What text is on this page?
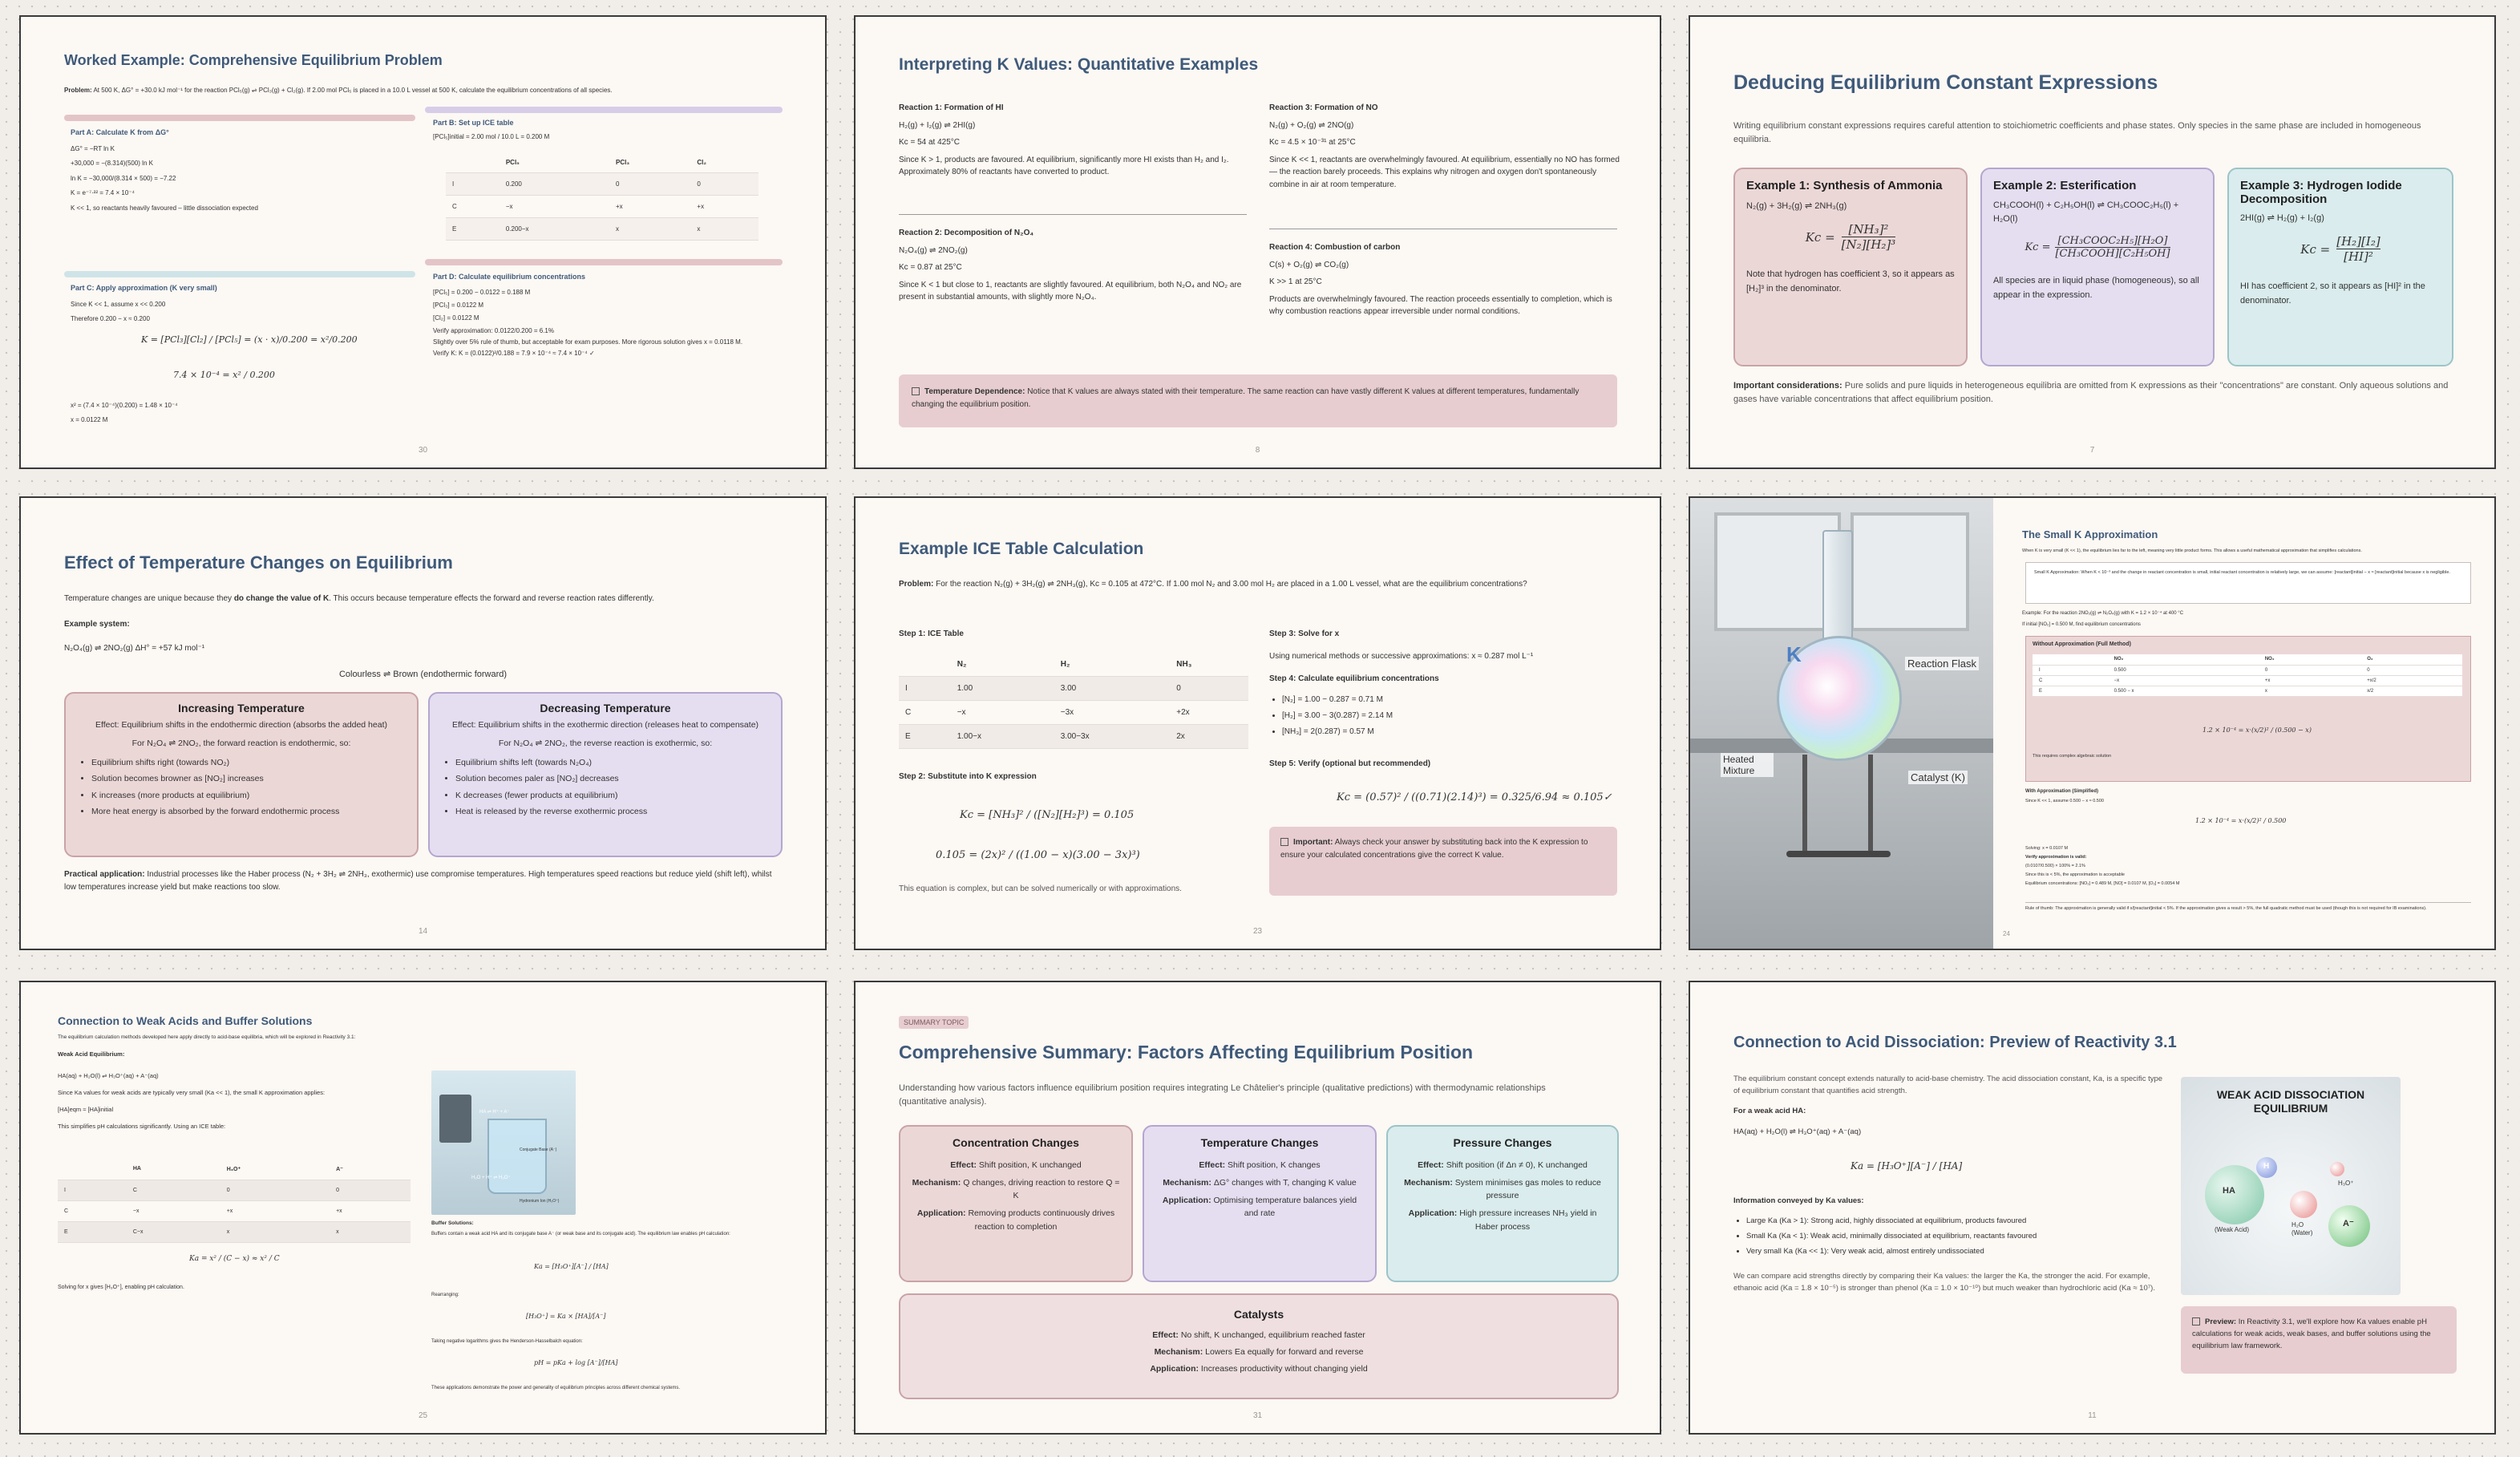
Worked Example: Comprehensive Equilibrium Problem
Problem: At 500 K, ΔG° = +30.0 kJ mol⁻¹ for the reaction PCl₅(g) ⇌ PCl₃(g) + Cl₂(g). If 2.00 mol PCl₅ is placed in a 10.0 L vessel at 500 K, calculate the equilibrium concentrations of all species.
Part A: Calculate K from ΔG°
ΔG° = −RT ln K
+30,000 = −(8.314)(500) ln K
ln K = −30,000/(8.314 × 500) = −7.22
K = e⁻⁷·²² = 7.4 × 10⁻⁴
K << 1, so reactants heavily favoured – little dissociation expected
Part B: Set up ICE table
[PCl₅]initial = 2.00 mol / 10.0 L = 0.200 M
	PCl₅	PCl₃	Cl₂
I	0.200	0	0
C	−x	+x	+x
E	0.200−x	x	x
Part C: Apply approximation (K very small)
Since K << 1, assume x << 0.200
Therefore 0.200 − x ≈ 0.200
K = [PCl₃][Cl₂] / [PCl₅] = (x · x)/0.200 = x²/0.200
7.4 × 10⁻⁴ = x² / 0.200
x² = (7.4 × 10⁻⁴)(0.200) = 1.48 × 10⁻⁴
x = 0.0122 M
Part D: Calculate equilibrium concentrations
[PCl₅] = 0.200 − 0.0122 = 0.188 M
[PCl₃] = 0.0122 M
[Cl₂] = 0.0122 M
Verify approximation: 0.0122/0.200 = 6.1%
Slightly over 5% rule of thumb, but acceptable for exam purposes. More rigorous solution gives x = 0.0118 M.
Verify K: K = (0.0122)²/0.188 = 7.9 × 10⁻⁴ ≈ 7.4 × 10⁻⁴ ✓
30
Interpreting K Values: Quantitative Examples
Reaction 1: Formation of HI
H₂(g) + I₂(g) ⇌ 2HI(g)
Kc = 54 at 425°C
Since K > 1, products are favoured. At equilibrium, significantly more HI exists than H₂ and I₂. Approximately 80% of reactants have converted to product.
Reaction 2: Decomposition of N₂O₄
N₂O₄(g) ⇌ 2NO₂(g)
Kc = 0.87 at 25°C
Since K < 1 but close to 1, reactants are slightly favoured. At equilibrium, both N₂O₄ and NO₂ are present in substantial amounts, with slightly more N₂O₄.
Reaction 3: Formation of NO
N₂(g) + O₂(g) ⇌ 2NO(g)
Kc = 4.5 × 10⁻³¹ at 25°C
Since K << 1, reactants are overwhelmingly favoured. At equilibrium, essentially no NO has formed — the reaction barely proceeds. This explains why nitrogen and oxygen don't spontaneously combine in air at room temperature.
Reaction 4: Combustion of carbon
C(s) + O₂(g) ⇌ CO₂(g)
K >> 1 at 25°C
Products are overwhelmingly favoured. The reaction proceeds essentially to completion, which is why combustion reactions appear irreversible under normal conditions.
Temperature Dependence: Notice that K values are always stated with their temperature. The same reaction can have vastly different K values at different temperatures, fundamentally changing the equilibrium position.
8
Deducing Equilibrium Constant Expressions
Writing equilibrium constant expressions requires careful attention to stoichiometric coefficients and phase states. Only species in the same phase are included in homogeneous equilibria.
Example 1: Synthesis of Ammonia
N₂(g) + 3H₂(g) ⇌ 2NH₃(g)
$Kc = \frac{\text{[NH₃]²}}{\text{[N₂][H₂]³}}$
Note that hydrogen has coefficient 3, so it appears as [H₂]³ in the denominator.
Example 2: Esterification
CH₃COOH(l) + C₂H₅OH(l) ⇌ CH₃COOC₂H₅(l) + H₂O(l)
Kc =
[CH₃COOC₂H₅][H₂O]
[CH₃COOH][C₂H₅OH]
All species are in liquid phase (homogeneous), so all appear in the expression.
Example 3: Hydrogen Iodide Decomposition
2HI(g) ⇌ H₂(g) + I₂(g)
$Kc = \frac{\text{[H₂][I₂]}}{\text{[HI]²}}$
HI has coefficient 2, so it appears as [HI]² in the denominator.
Important considerations: Pure solids and pure liquids in heterogeneous equilibria are omitted from K expressions as their "concentrations" are constant. Only aqueous solutions and gases have variable concentrations that affect equilibrium position.
7
Effect of Temperature Changes on Equilibrium
Temperature changes are unique because they do change the value of K. This occurs because temperature effects the forward and reverse reaction rates differently.
Example system:
N₂O₄(g) ⇌ 2NO₂(g) ΔH° = +57 kJ mol⁻¹
Colourless ⇌ Brown (endothermic forward)
Increasing Temperature
Effect: Equilibrium shifts in the endothermic direction (absorbs the added heat)
For N₂O₄ ⇌ 2NO₂, the forward reaction is endothermic, so:
• Equilibrium shifts right (towards NO₂)
• Solution becomes browner as [NO₂] increases
• K increases (more products at equilibrium)
• More heat energy is absorbed by the forward endothermic process
Decreasing Temperature
Effect: Equilibrium shifts in the exothermic direction (releases heat to compensate)
For N₂O₄ ⇌ 2NO₂, the reverse reaction is exothermic, so:
• Equilibrium shifts left (towards N₂O₄)
• Solution becomes paler as [NO₂] decreases
• K decreases (fewer products at equilibrium)
• Heat is released by the reverse exothermic process
Practical application: Industrial processes like the Haber process (N₂ + 3H₂ ⇌ 2NH₃, exothermic) use compromise temperatures. High temperatures speed reactions but reduce yield (shift left), whilst low temperatures increase yield but make reactions too slow.
14
Example ICE Table Calculation
Problem: For the reaction N₂(g) + 3H₂(g) ⇌ 2NH₃(g), Kc = 0.105 at 472°C. If 1.00 mol N₂ and 3.00 mol H₂ are placed in a 1.00 L vessel, what are the equilibrium concentrations?
Step 1: ICE Table
	N₂	H₂	NH₃
I	1.00	3.00	0
C	−x	−3x	+2x
E	1.00−x	3.00−3x	2x
Step 2: Substitute into K expression
Kc = [NH₃]² / ([N₂][H₂]³) = 0.105
0.105 = (2x)² / ((1.00 − x)(3.00 − 3x)³)
This equation is complex, but can be solved numerically or with approximations.
Step 3: Solve for x
Using numerical methods or successive approximations: x ≈ 0.287 mol L⁻¹
Step 4: Calculate equilibrium concentrations
• [N₂] = 1.00 − 0.287 = 0.71 M
• [H₂] = 3.00 − 3(0.287) = 2.14 M
• [NH₃] = 2(0.287) = 0.57 M
Step 5: Verify (optional but recommended)
Kc = (0.57)² / ((0.71)(2.14)³) = 0.325/6.94 ≈ 0.105✓
Important: Always check your answer by substituting back into the K expression to ensure your calculated concentrations give the correct K value.
23
K	Reaction Flask
Heated Mixture
Catalyst (K)
The Small K Approximation
When K is very small (K << 1), the equilibrium lies far to the left, meaning very little product forms. This allows a useful mathematical approximation that simplifies calculations.
Small K Approximation: When K < 10⁻³ and the change in reactant concentration is small, initial reactant concentration is relatively large, we can assume: [reactant]initial − x ≈ [reactant]initial because x is negligible.
Example: For the reaction 2NO₂(g) ⇌ N₂O₄(g) with K = 1.2 × 10⁻⁴ at 400 °C
If initial [NO₂] = 0.500 M, find equilibrium concentrations
Without Approximation (Full Method)
	NO₂	NO₂	O₂
I	0.500	0	0
C	−x	+x	+x/2
E	0.500 − x	x	x/2
1.2 × 10⁻⁴ = x·(x/2)² / (0.500 − x)
This requires complex algebraic solution
With Approximation (Simplified)
Since K << 1, assume 0.500 − x ≈ 0.500
1.2 × 10⁻⁴ = x·(x/2)² / 0.500
Solving: x = 0.0107 M
Verify approximation is valid:
(0.0107/0.500) × 100% = 2.1%
Since this is < 5%, the approximation is acceptable
Equilibrium concentrations: [NO₂] = 0.489 M, [NO] = 0.0107 M, [O₂] = 0.0054 M
Rule of thumb: The approximation is generally valid if x/[reactant]initial < 5%. If the approximation gives a result > 5%, the full quadratic method must be used (though this is not required for IB examinations).
24
Connection to Weak Acids and Buffer Solutions
The equilibrium calculation methods developed here apply directly to acid-base equilibria, which will be explored in Reactivity 3.1:
Weak Acid Equilibrium:
HA(aq) + H₂O(l) ⇌ H₃O⁺(aq) + A⁻(aq)
Since Ka values for weak acids are typically very small (Ka << 1), the small K approximation applies:
[HA]eqm ≈ [HA]initial
This simplifies pH calculations significantly. Using an ICE table:
	HA	H₃O⁺	A⁻
I	C	0	0
C	−x	+x	+x
E	C−x	x	x
Ka = x² / (C − x) ≈ x² / C
Solving for x gives [H₃O⁺], enabling pH calculation.
HA ⇌ H⁺ + A⁻
Conjugate Base (A⁻)
H₂O + H⁺ ⇌ H₃O⁺
Hydronium Ion (H₃O⁺)
Buffer Solutions:
Buffers contain a weak acid HA and its conjugate base A⁻ (or weak base and its conjugate acid). The equilibrium law enables pH calculation:
Ka = [H₃O⁺][A⁻] / [HA]
Rearranging:
[H₃O⁺] = Ka × [HA]/[A⁻]
Taking negative logarithms gives the Henderson-Hasselbalch equation:
pH = pKa + log [A⁻]/[HA]
These applications demonstrate the power and generality of equilibrium principles across different chemical systems.
25
SUMMARY TOPIC
Comprehensive Summary: Factors Affecting Equilibrium Position
Understanding how various factors influence equilibrium position requires integrating Le Châtelier's principle (qualitative predictions) with thermodynamic relationships (quantitative analysis).
Concentration Changes
Effect: Shift position, K unchanged
Mechanism: Q changes, driving reaction to restore Q = K
Application: Removing products continuously drives reaction to completion
Temperature Changes
Effect: Shift position, K changes
Mechanism: ΔG° changes with T, changing K value
Application: Optimising temperature balances yield and rate
Pressure Changes
Effect: Shift position (if Δn ≠ 0), K unchanged
Mechanism: System minimises gas moles to reduce pressure
Application: High pressure increases NH₃ yield in Haber process
Catalysts
Effect: No shift, K unchanged, equilibrium reached faster
Mechanism: Lowers Ea equally for forward and reverse
Application: Increases productivity without changing yield
31
Connection to Acid Dissociation: Preview of Reactivity 3.1
The equilibrium constant concept extends naturally to acid-base chemistry. The acid dissociation constant, Ka, is a specific type of equilibrium constant that quantifies acid strength.
For a weak acid HA:
HA(aq) + H₂O(l) ⇌ H₃O⁺(aq) + A⁻(aq)
Ka = [H₃O⁺][A⁻] / [HA]
Information conveyed by Ka values:
• Large Ka (Ka > 1): Strong acid, highly dissociated at equilibrium, products favoured
• Small Ka (Ka < 1): Weak acid, minimally dissociated at equilibrium, reactants favoured
• Very small Ka (Ka << 1): Very weak acid, almost entirely undissociated
We can compare acid strengths directly by comparing their Ka values: the larger the Ka, the stronger the acid. For example, ethanoic acid (Ka = 1.8 × 10⁻⁵) is stronger than phenol (Ka = 1.0 × 10⁻¹⁰) but much weaker than hydrochloric acid (Ka ≈ 10⁷).
WEAK ACID DISSOCIATION EQUILIBRIUM
HA
(Weak Acid)
H
H₂O
(Water)
H₃O⁺
A⁻
Preview: In Reactivity 3.1, we'll explore how Ka values enable pH calculations for weak acids, weak bases, and buffer solutions using the equilibrium law framework.
11
